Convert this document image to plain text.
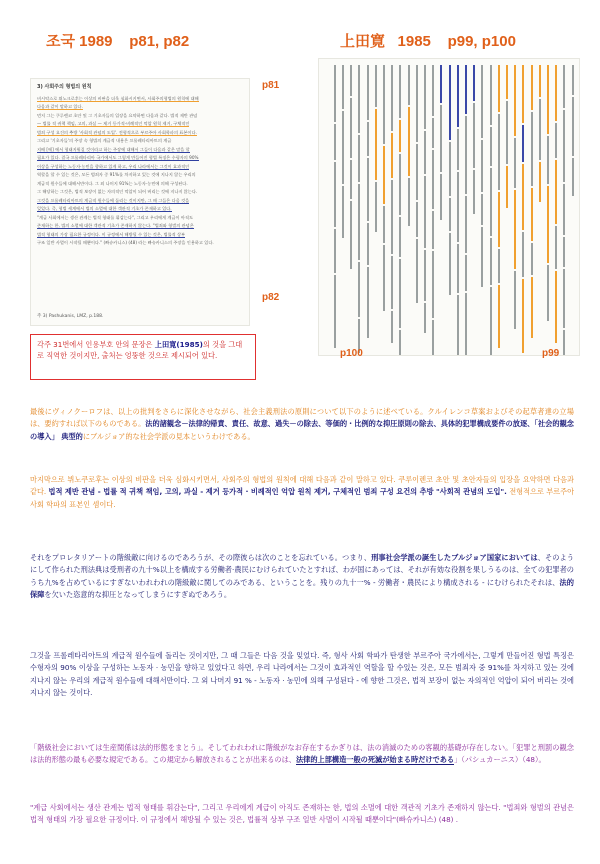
조국 1989 p81, p82	上田寛 1985 p99, p100
3) 사회주의 형법의 원칙
비시악스로 뛰노크로후는 이상의 비판을 더욱 심화시키면서, 사회주의형법의 원칙에 대해
다음과 같이 말하고 있다.
먼저 그는 쿠루렌코 초안 및 그 기초자들의 입장을 요약하면 다음과 같다. 법적 제반 관념
— 법률 적 귀책 책임, 고의, 과실 — 제거 등가적·비례적인 억압 원칙 제거, 구체적인
범죄 구성 요건의 추방 '사회적 관념의 도입'. 전형적으로 부르주아 사회학파의 표본이다.
그리고 '기초자들'의 주장 속 형법의 계급적 내용은 프롤레타리아트의 계급
지배 [에] 에서 형태지워질 것이라고 하는 주장에 대해서 그들이 다음과 같은 말을 할
필요가 있다. 결국 프롤레타리아 국가에서도 그렇게 만들어진 형법 특징은 수평자의 90%
이상을 구성하는 노동자·농민을 향하고 있게 하고, 우리 나라에서는 그것이 효과적인
역할을 할 수 있는 것은, 모든 범죄자 중 91%를 차지하고 있는 것에 지나지 않는 우리의
계급적 원수들에 대해서만이다. 그 외 나머지 91%는 노동자·농민에 의해 구성된다.
그 해당하는 그것은, 법적 보장이 없는 자의적인 억압이 되어 버리는 것에 지나지 않는다.
그것을 프롤레타리아트의 계급적 원수들에 돌리는 것이지만, 그 때 그들은 다음 것을
잊었다. 즉, 형법 세계에서 법의 소멸에 대한 객관적 기초가 존재하고 있다.
"계급 사회에서는 생산 관계는 법적 형태를 휘감는다", 그리고 우리에게 계급이 아직도
존재하는 한, 법의 소멸에 대한 객관적 기초가 존재하지 않는다. "법죄와 형벌의 관념은
법적 형태의 가장 필요한 규정이다. 이 규정에서 해방될 수 있는 것은, 법률적 상부
구조 일반 사멸이 시작될 때뿐이다." (빠슈카니스) (48) 라는 빠슈카니스의 주장을 인용하고 있다.
주 3) Pashukanis, LMZ, p.188.
p81
p82
p100	p99
각주 31번에서 인용부호 안의 문장은 上田寛(1985)의 것을 그대로 직역한 것이지만, 출처는 엉뚱한 것으로 제시되어 있다.
最後にヴィノクーロフは、以上の批判をさらに深化させながら、社会主義刑法の原則について以下のように述べている。クルイレンコ草案およびその起草者達の立場は、要約すれば以下のものである。法的諸観念－法律的帰責、責任、故意、過失－の除去、等価的・比例的な抑圧原則の除去、具体的犯罪構成要件の放逐、「社会的観念の導入」 典型的にブルジョア的な社会学派の見本というわけである。
마지막으로 뷔노쿠로후는 이상의 비판을 더욱 심화시키면서, 사회주의 형법의 원칙에 대해 다음과 같이 말하고 있다. 쿠루이렌코 초안 및 초안자들의 입장을 요약하면 다음과 같다. 법적 제반 관념 - 법률 적 귀책 책임, 고의, 과실 - 제거 등가적 · 비례적인 억압 원칙 제거, 구체적인 범죄 구성 요건의 추방 "사회적 관념의 도입". 전형적으로 부르주아 사회 학파의 표본인 셈이다.
それをプロレタリアートの階級敵に向けるのであろうが、その際彼らは次のことを忘れている。つまり、刑事社会学派の誕生したブルジョア国家においては、そのようにして作られた刑法典は受刑者の九十%以上を構成する労働者·農民にむけられていたとすれば、わが国にあっては、それが有効な役割を果しうるのは、全ての犯罪者のうち九%を占めているにすぎないわれわれの階級敵に関してのみである、ということを。残りの九十一% - 労働者・農民により構成される - にむけられたそれは、法的保障を欠いた恣意的な抑圧となってしまうにすぎぬであろう。
그것을 프롤레타리아트의 계급적 원수들에 돌리는 것이지만, 그 때 그들은 다음 것을 잊었다. 즉, 형사 사회 학파가 탄생한 부르주아 국가에서는, 그렇게 만들어진 형법 특징은 수형자의 90% 이상을 구성하는 노동자 · 농민을 향하고 있었다고 하면, 우리 나라에서는 그것이 효과적인 역할을 할 수있는 것은, 모든 범죄자 중 91%를 차지하고 있는 것에 지나지 않는 우리의 계급적 원수들에 대해서만이다. 그 외 나머지 91 % - 노동자 · 농민에 의해 구성된다 - 에 향한 그것은, 법적 보장이 없는 자의적인 억압이 되어 버리는 것에 지나지 않는 것이다.
「階級社会においては生産関係は法的形態をまとう」。そしてわれわれに階級がなお存在するかぎりは、法の消滅のための客観的基礎が存在しない。「犯罪と刑罰の観念は法的形態の最も必要な規定である。この規定から解放されることが出来るのは、法律的上部構造一般の死滅が始まる時だけである」（パシュカーニス）（48）。
"계급 사회에서는 생산 관계는 법적 형태를 휘감는다", 그리고 우리에게 계급이 아직도 존재하는 한, 법의 소멸에 대한 객관적 기초가 존재하지 않는다. "법죄와 형벌의 관념은 법적 형태의 가장 필요한 규정이다. 이 규정에서 해방될 수 있는 것은, 법률적 상부 구조 일반 사멸이 시작될 때뿐이다"(빠슈카니스) (48) .
